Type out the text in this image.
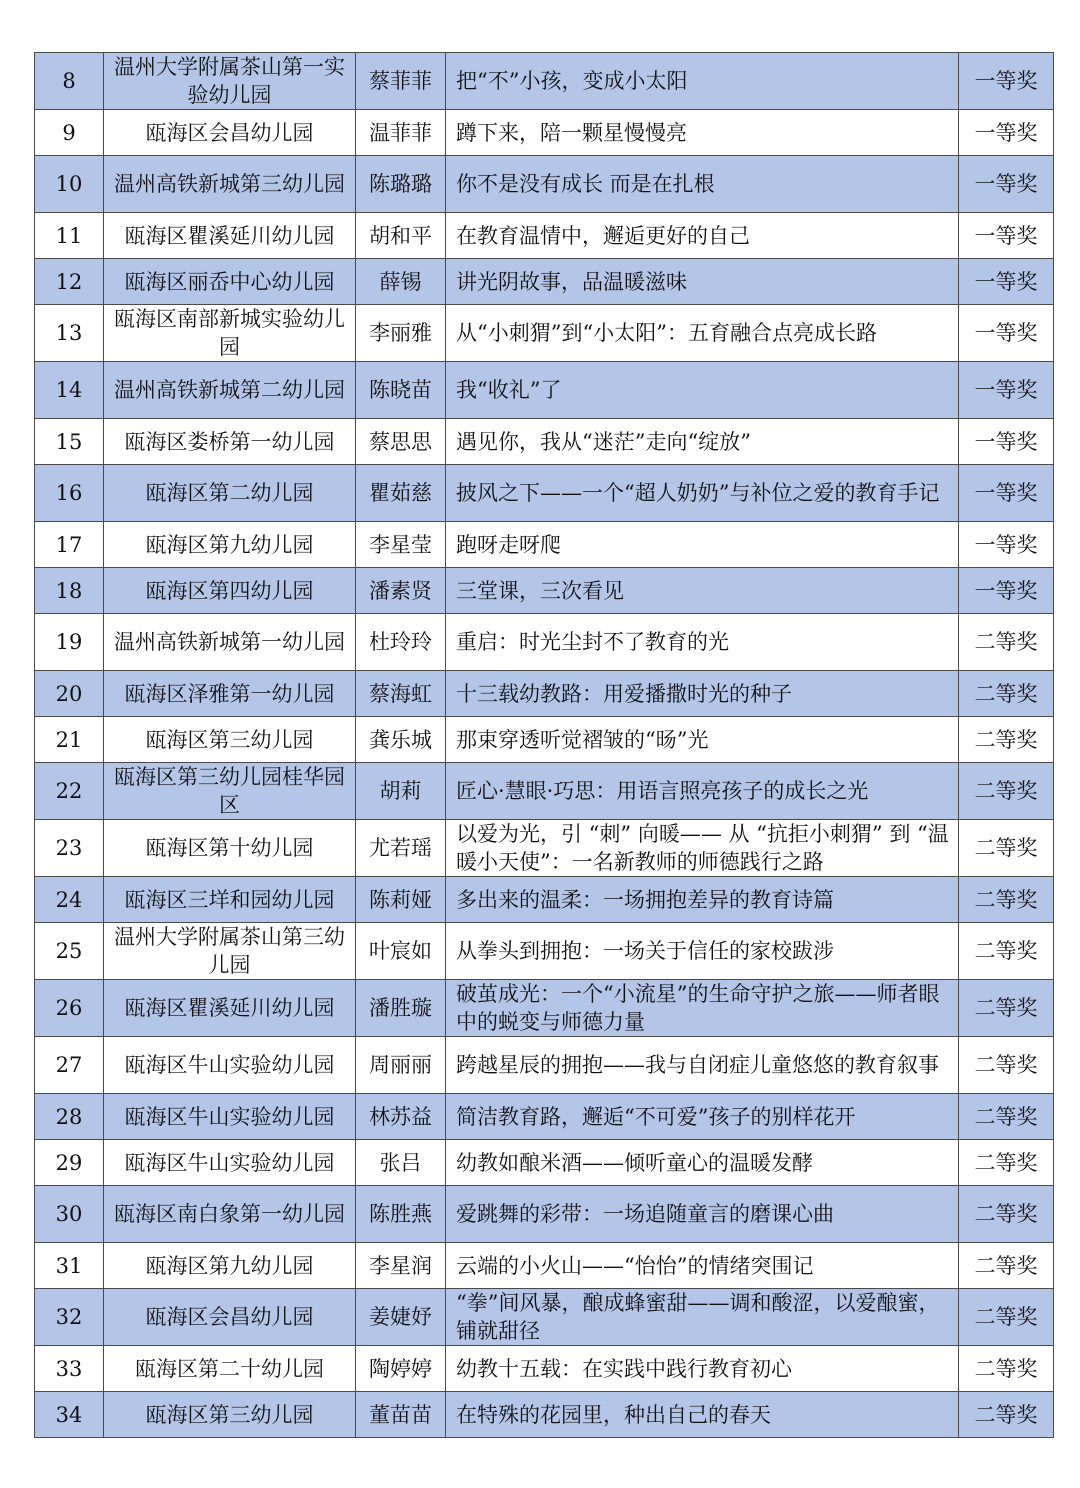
8	温州大学附属茶山第一实验幼儿园	蔡菲菲	把“不”小孩，变成小太阳	一等奖
9	瓯海区会昌幼儿园	温菲菲	蹲下来，陪一颗星慢慢亮	一等奖
10	温州高铁新城第三幼儿园	陈璐璐	你不是没有成长 而是在扎根	一等奖
11	瓯海区瞿溪延川幼儿园	胡和平	在教育温情中，邂逅更好的自己	一等奖
12	瓯海区丽岙中心幼儿园	薛锡	讲光阴故事，品温暖滋味	一等奖
13	瓯海区南部新城实验幼儿园	李丽雅	从“小刺猬”到“小太阳”：五育融合点亮成长路	一等奖
14	温州高铁新城第二幼儿园	陈晓苗	我“收礼”了	一等奖
15	瓯海区娄桥第一幼儿园	蔡思思	遇见你，我从“迷茫”走向“绽放”	一等奖
16	瓯海区第二幼儿园	瞿茹慈	披风之下——一个“超人奶奶”与补位之爱的教育手记	一等奖
17	瓯海区第九幼儿园	李星莹	跑呀走呀爬	一等奖
18	瓯海区第四幼儿园	潘素贤	三堂课，三次看见	一等奖
19	温州高铁新城第一幼儿园	杜玲玲	重启：时光尘封不了教育的光	二等奖
20	瓯海区泽雅第一幼儿园	蔡海虹	十三载幼教路：用爱播撒时光的种子	二等奖
21	瓯海区第三幼儿园	龚乐城	那束穿透听觉褶皱的“旸”光	二等奖
22	瓯海区第三幼儿园桂华园区	胡莉	匠心·慧眼·巧思：用语言照亮孩子的成长之光	二等奖
23	瓯海区第十幼儿园	尤若瑶	以爱为光，引 “刺” 向暖—— 从 “抗拒小刺猬” 到 “温暖小天使”：一名新教师的师德践行之路	二等奖
24	瓯海区三垟和园幼儿园	陈莉娅	多出来的温柔：一场拥抱差异的教育诗篇	二等奖
25	温州大学附属茶山第三幼儿园	叶宸如	从拳头到拥抱：一场关于信任的家校跋涉	二等奖
26	瓯海区瞿溪延川幼儿园	潘胜璇	破茧成光：一个“小流星”的生命守护之旅——师者眼中的蜕变与师德力量	二等奖
27	瓯海区牛山实验幼儿园	周丽丽	跨越星辰的拥抱——我与自闭症儿童悠悠的教育叙事	二等奖
28	瓯海区牛山实验幼儿园	林苏益	简洁教育路，邂逅“不可爱”孩子的别样花开	二等奖
29	瓯海区牛山实验幼儿园	张吕	幼教如酿米酒——倾听童心的温暖发酵	二等奖
30	瓯海区南白象第一幼儿园	陈胜燕	爱跳舞的彩带：一场追随童言的磨课心曲	二等奖
31	瓯海区第九幼儿园	李星润	云端的小火山——“怡怡”的情绪突围记	二等奖
32	瓯海区会昌幼儿园	姜婕妤	“拳”间风暴，酿成蜂蜜甜——调和酸涩，以爱酿蜜，铺就甜径	二等奖
33	瓯海区第二十幼儿园	陶婷婷	幼教十五载：在实践中践行教育初心	二等奖
34	瓯海区第三幼儿园	董苗苗	在特殊的花园里，种出自己的春天	二等奖
